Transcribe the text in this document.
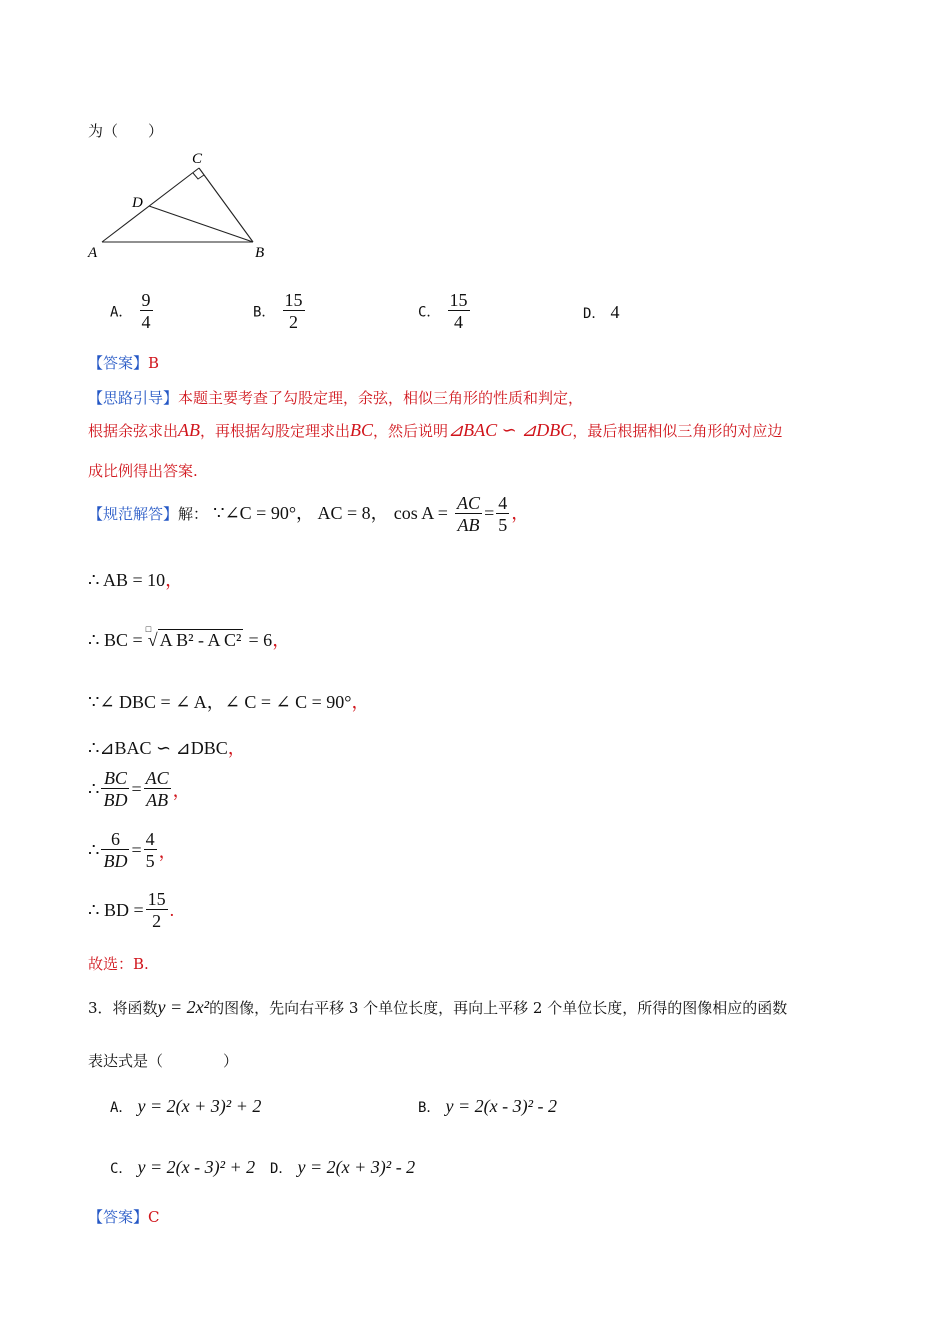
为（　　）
A	B
C
D
A． $\frac{9}{4}$	B． $\frac{15}{2}$	C． $\frac{15}{4}$	D． 4
【答案】B
【思路引导】本题主要考查了勾股定理，余弦，相似三角形的性质和判定，
根据余弦求出AB，再根据勾股定理求出BC，然后说明⊿BAC ∽ ⊿DBC，最后根据相似三角形的对应边
成比例得出答案.
【规范解答】解： ∵∠C = 90°， AC = 8， $\cos A = \frac{AC}{AB} = \frac{4}{5}$ ，
∴ AB = 10，
∴ BC =
□
√ A B² - A C² = 6，
∵∠ DBC = ∠ A，∠ C = ∠ C = 90°，
∴⊿BAC ∽ ⊿DBC，
∴ $\frac{BC}{BD} = \frac{AC}{AB}$ ，
∴ $\frac{6}{BD} = \frac{4}{5}$ ，
∴ BD = $\frac{15}{2}$ .
故选：B.
3．将函数y = 2x²的图像，先向右平移 3 个单位长度，再向上平移 2 个单位长度，所得的图像相应的函数
表达式是（　　　　）
A． y = 2(x + 3)² + 2	B． y = 2(x - 3)² - 2
C． y = 2(x - 3)² + 2 D． y = 2(x + 3)² - 2
【答案】C
